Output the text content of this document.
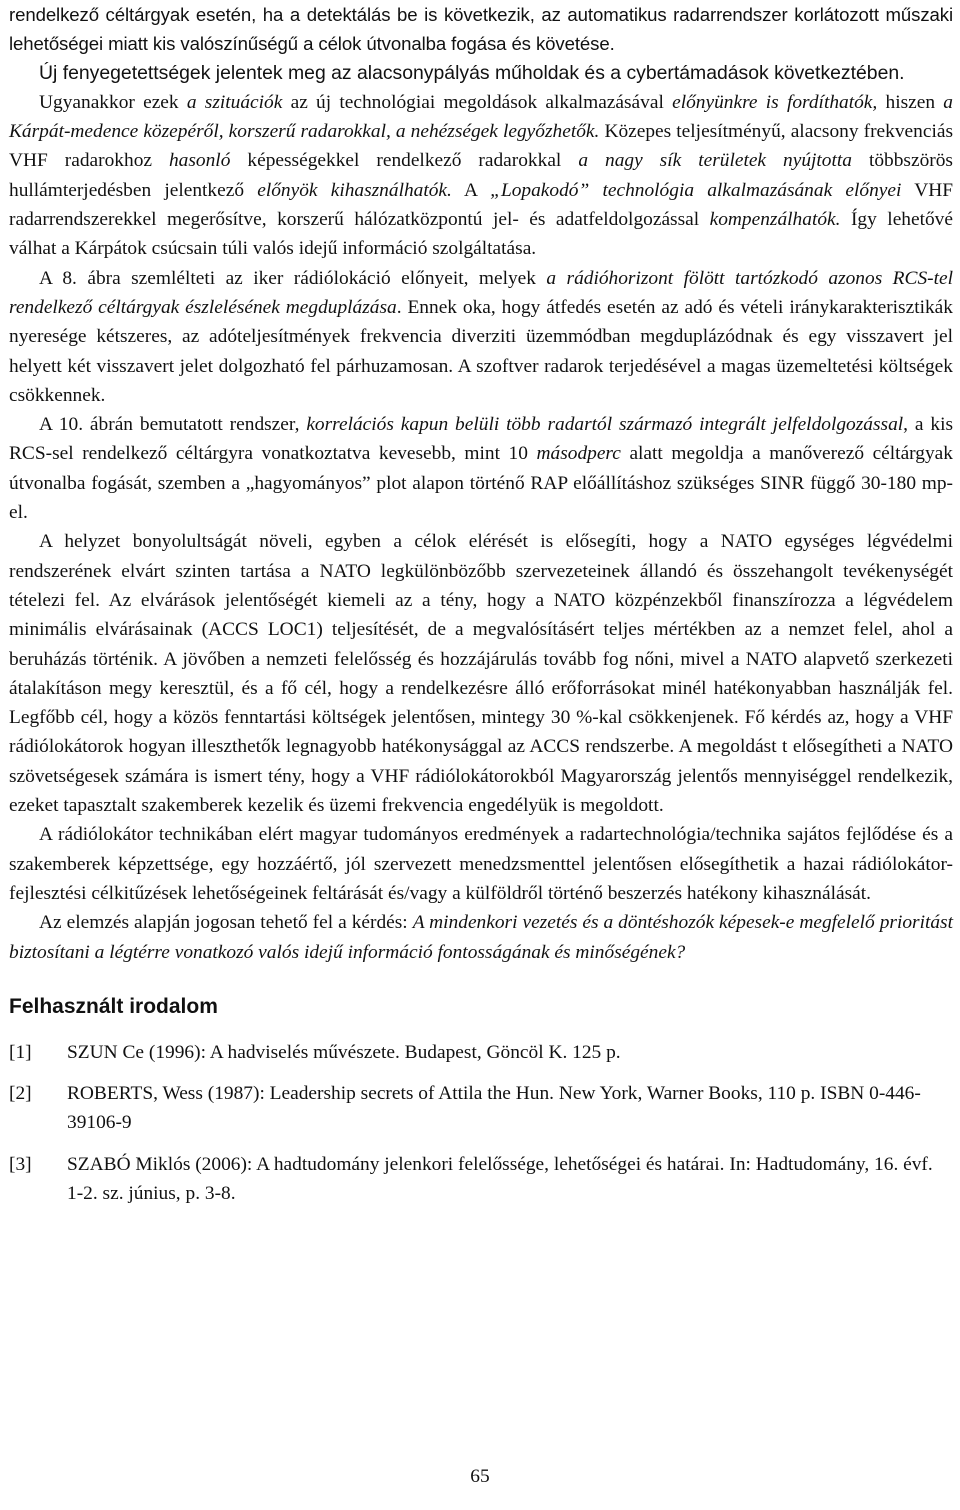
rendelkező céltárgyak esetén, ha a detektálás be is következik, az automatikus radarrendszer korlátozott műszaki lehetőségei miatt kis valószínűségű a célok útvonalba fogása és követése.

Új fenyegetettségek jelentek meg az alacsonypályás műholdak és a cybertámadások következtében.

Ugyanakkor ezek a szituációk az új technológiai megoldások alkalmazásával előnyünkre is fordíthatók, hiszen a Kárpát-medence közepéről, korszerű radarokkal, a nehézségek legyőzhetők. Közepes teljesítményű, alacsony frekvenciás VHF radarokhoz hasonló képességekkel rendelkező radarokkal a nagy sík területek nyújtotta többszörös hullámterjedésben jelentkező előnyök kihasználhatók. A „Lopakodó” technológia alkalmazásának előnyei VHF radarrendszerekkel megerősítve, korszerű hálózatközpontú jel- és adatfeldolgozással kompenzálhatók. Így lehetővé válhat a Kárpátok csúcsain túli valós idejű információ szolgáltatása.

A 8. ábra szemlélteti az iker rádiólokáció előnyeit, melyek a rádióhorizont fölött tartózkodó azonos RCS-tel rendelkező céltárgyak észlelésének megduplázása. Ennek oka, hogy átfedés esetén az adó és vételi iránykarakterisztikák nyeresége kétszeres, az adóteljesítmények frekvencia diverziti üzemmódban megduplázódnak és egy visszavert jel helyett két visszavert jelet dolgozható fel párhuzamosan. A szoftver radarok terjedésével a magas üzemeltetési költségek csökkennek.

A 10. ábrán bemutatott rendszer, korrelációs kapun belüli több radartól származó integrált jelfeldolgozással, a kis RCS-sel rendelkező céltárgyra vonatkoztatva kevesebb, mint 10 másodperc alatt megoldja a manőverező céltárgyak útvonalba fogását, szemben a „hagyományos” plot alapon történő RAP előállításhoz szükséges SINR függő 30-180 mp-el.

A helyzet bonyolultságát növeli, egyben a célok elérését is elősegíti, hogy a NATO egységes légvédelmi rendszerének elvárt szinten tartása a NATO legkülönbözőbb szervezeteinek állandó és összehangolt tevékenységét tételezi fel. Az elvárások jelentőségét kiemeli az a tény, hogy a NATO közpénzekből finanszírozza a légvédelem minimális elvárásainak (ACCS LOC1) teljesítését, de a megvalósításért teljes mértékben az a nemzet felel, ahol a beruházás történik. A jövőben a nemzeti felelősség és hozzájárulás tovább fog nőni, mivel a NATO alapvető szerkezeti átalakításon megy keresztül, és a fő cél, hogy a rendelkezésre álló erőforrásokat minél hatékonyabban használják fel. Legfőbb cél, hogy a közös fenntartási költségek jelentősen, mintegy 30 %-kal csökkenjenek. Fő kérdés az, hogy a VHF rádiólokátorok hogyan illeszthetők legnagyobb hatékonysággal az ACCS rendszerbe. A megoldást t elősegítheti a NATO szövetségesek számára is ismert tény, hogy a VHF rádiólokátorokból Magyarország jelentős mennyiséggel rendelkezik, ezeket tapasztalt szakemberek kezelik és üzemi frekvencia engedélyük is megoldott.

A rádiólokátor technikában elért magyar tudományos eredmények a radartechnológia/technika sajátos fejlődése és a szakemberek képzettsége, egy hozzáértő, jól szervezett menedzsmenttel jelentősen elősegíthetik a hazai rádiólokátor-fejlesztési célkitűzések lehetőségeinek feltárását és/vagy a külföldről történő beszerzés hatékony kihasználását.

Az elemzés alapján jogosan tehető fel a kérdés: A mindenkori vezetés és a döntéshozók képesek-e megfelelő prioritást biztosítani a légtérre vonatkozó valós idejű információ fontosságának és minőségének?

Felhasznált irodalom
[1]	SZUN Ce (1996): A hadviselés művészete. Budapest, Göncöl K. 125 p.
[2]	ROBERTS, Wess (1987): Leadership secrets of Attila the Hun. New York, Warner Books, 110 p. ISBN 0-446-39106-9
[3]	SZABÓ Miklós (2006): A hadtudomány jelenkori felelőssége, lehetőségei és határai. In: Hadtudomány, 16. évf. 1-2. sz. június, p. 3-8.
65
